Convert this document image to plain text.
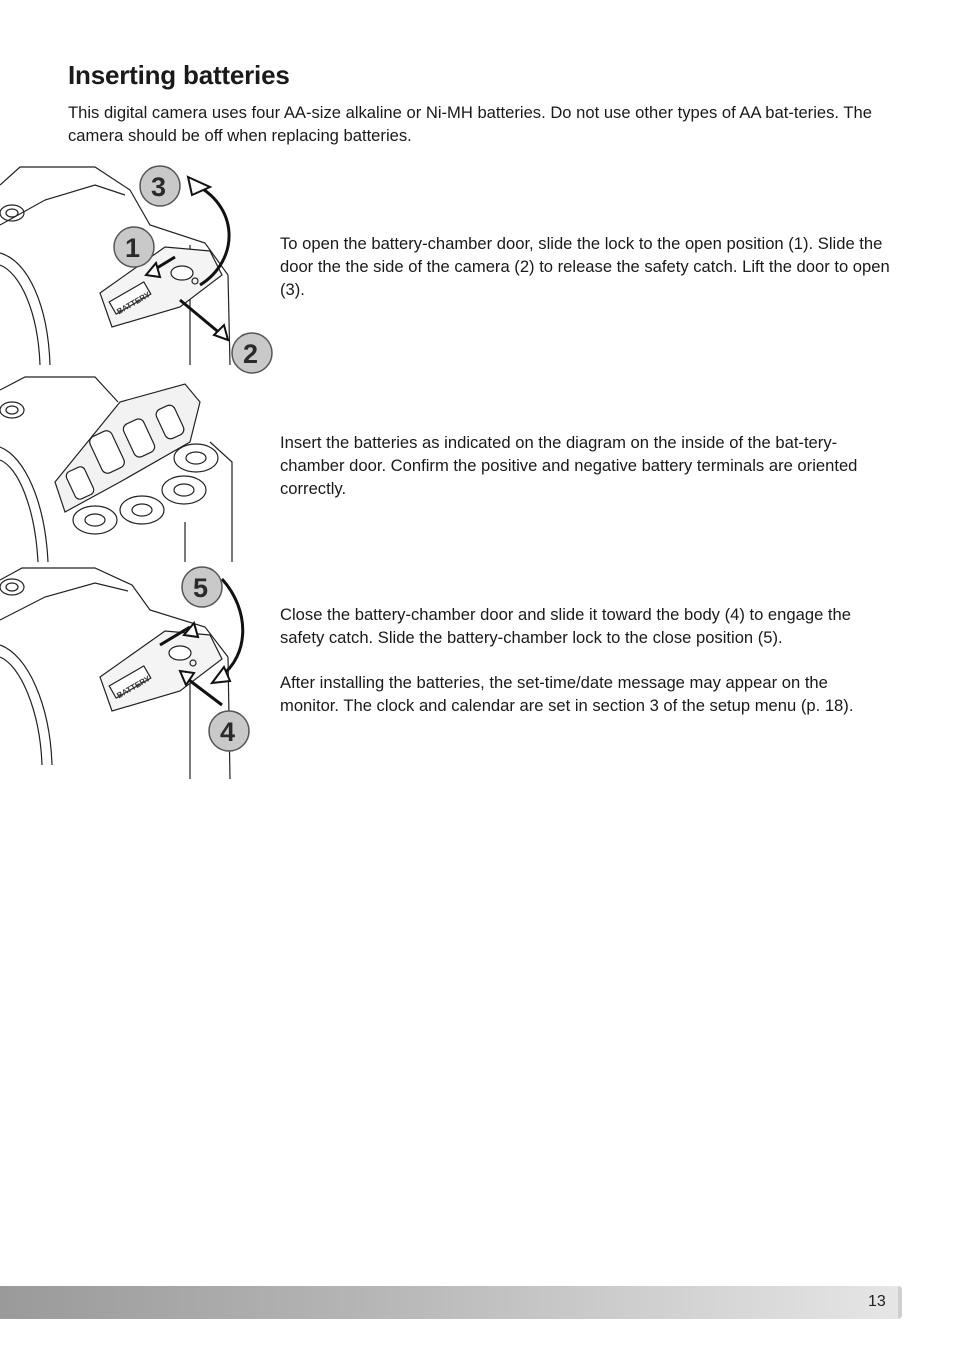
Inserting batteries

This digital camera uses four AA-size alkaline or Ni-MH batteries. Do not use other types of AA bat-teries. The camera should be off when replacing batteries.

BATTERY
3
1
2

To open the battery-chamber door, slide the lock to the open position (1). Slide the door the the side of the camera (2) to release the safety catch. Lift the door to open (3).

Insert the batteries as indicated on the diagram on the inside of the bat-tery-chamber door. Confirm the positive and negative battery terminals are oriented correctly.

BATTERY
5
4

Close the battery-chamber door and slide it toward the body (4) to engage the safety catch. Slide the battery-chamber lock to the close position (5).

After installing the batteries, the set-time/date message may appear on the monitor. The clock and calendar are set in section 3 of the setup menu (p. 18).

13
